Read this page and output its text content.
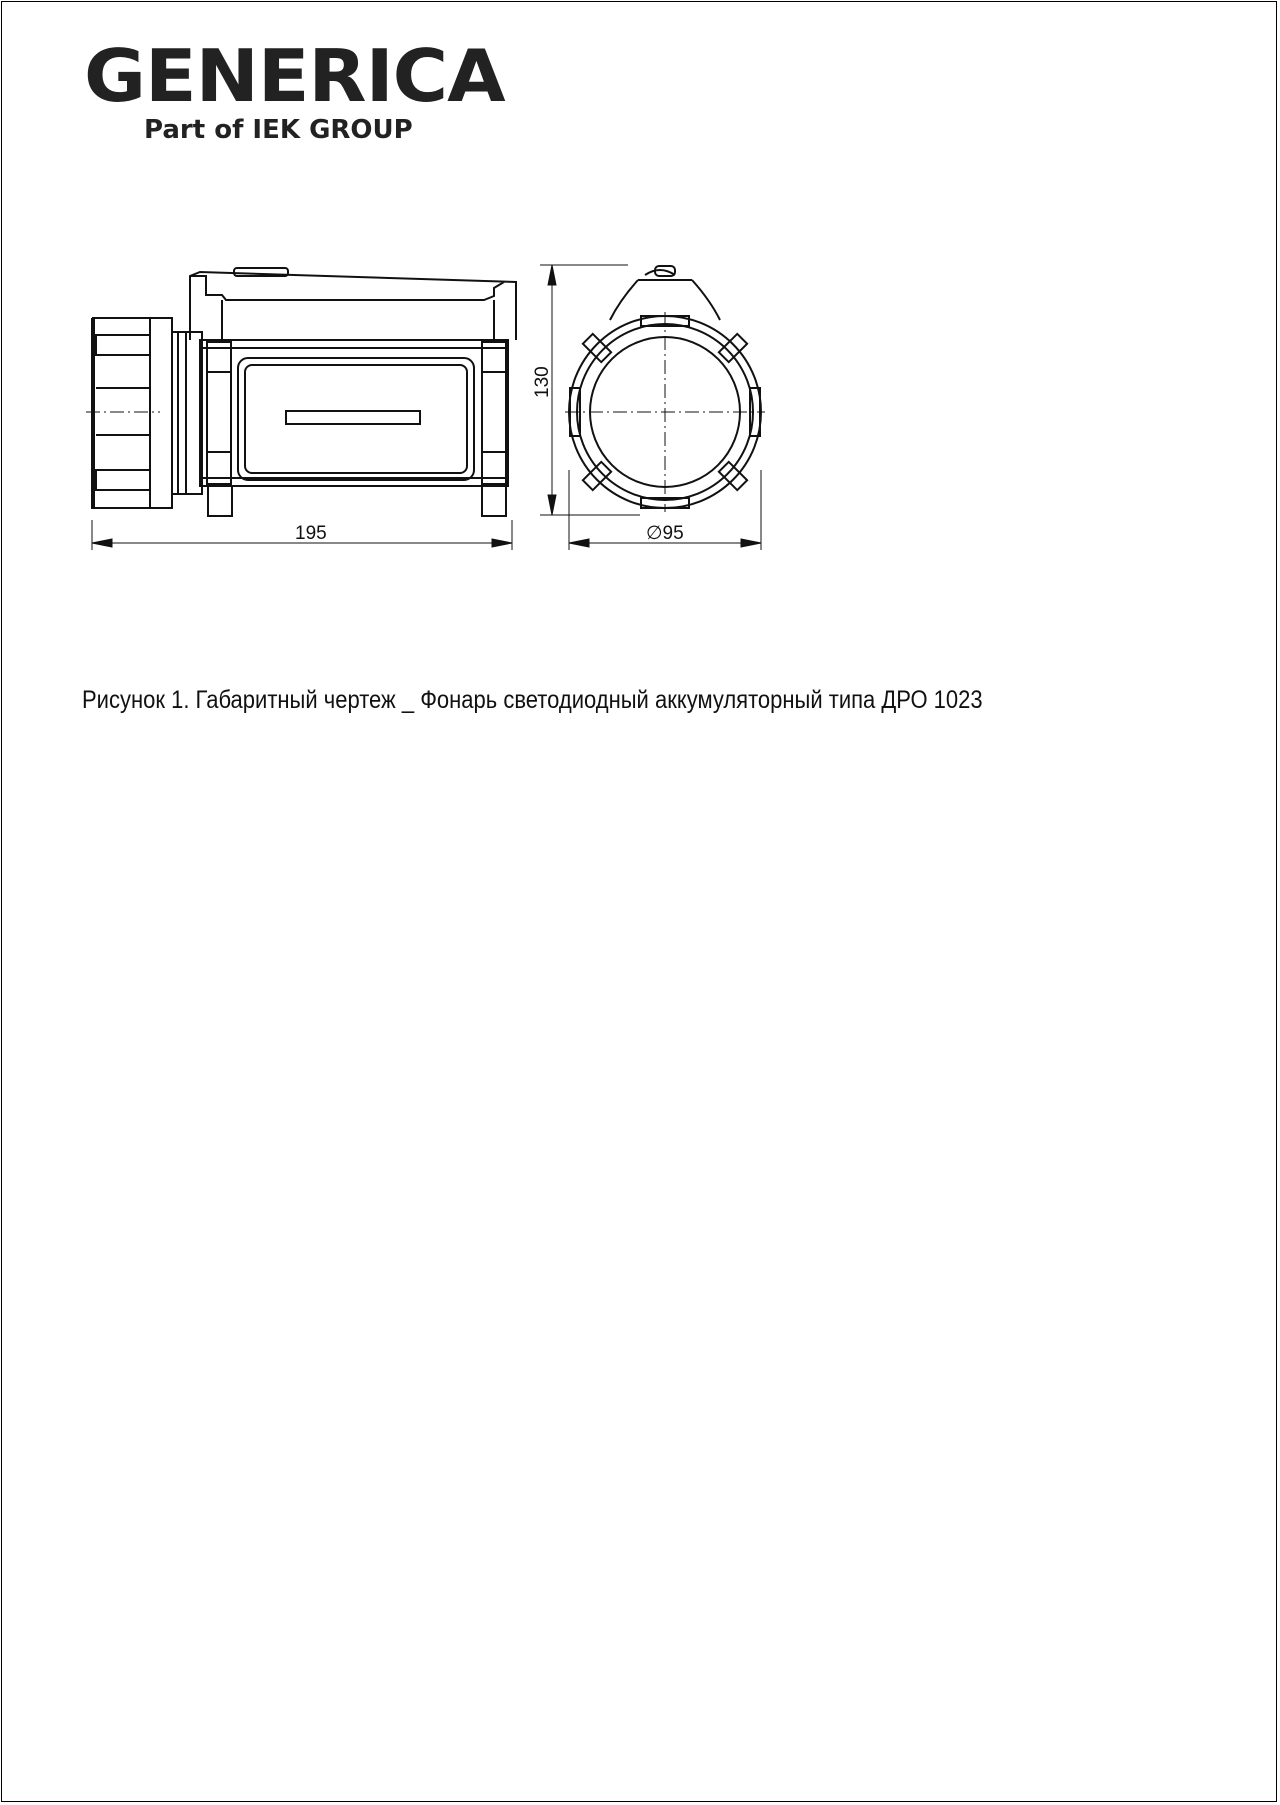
GENERICA
Part of IEK GROUP
195
130
∅95
Рисунок 1. Габаритный чертеж _ Фонарь светодиодный аккумуляторный типа ДРО 1023
